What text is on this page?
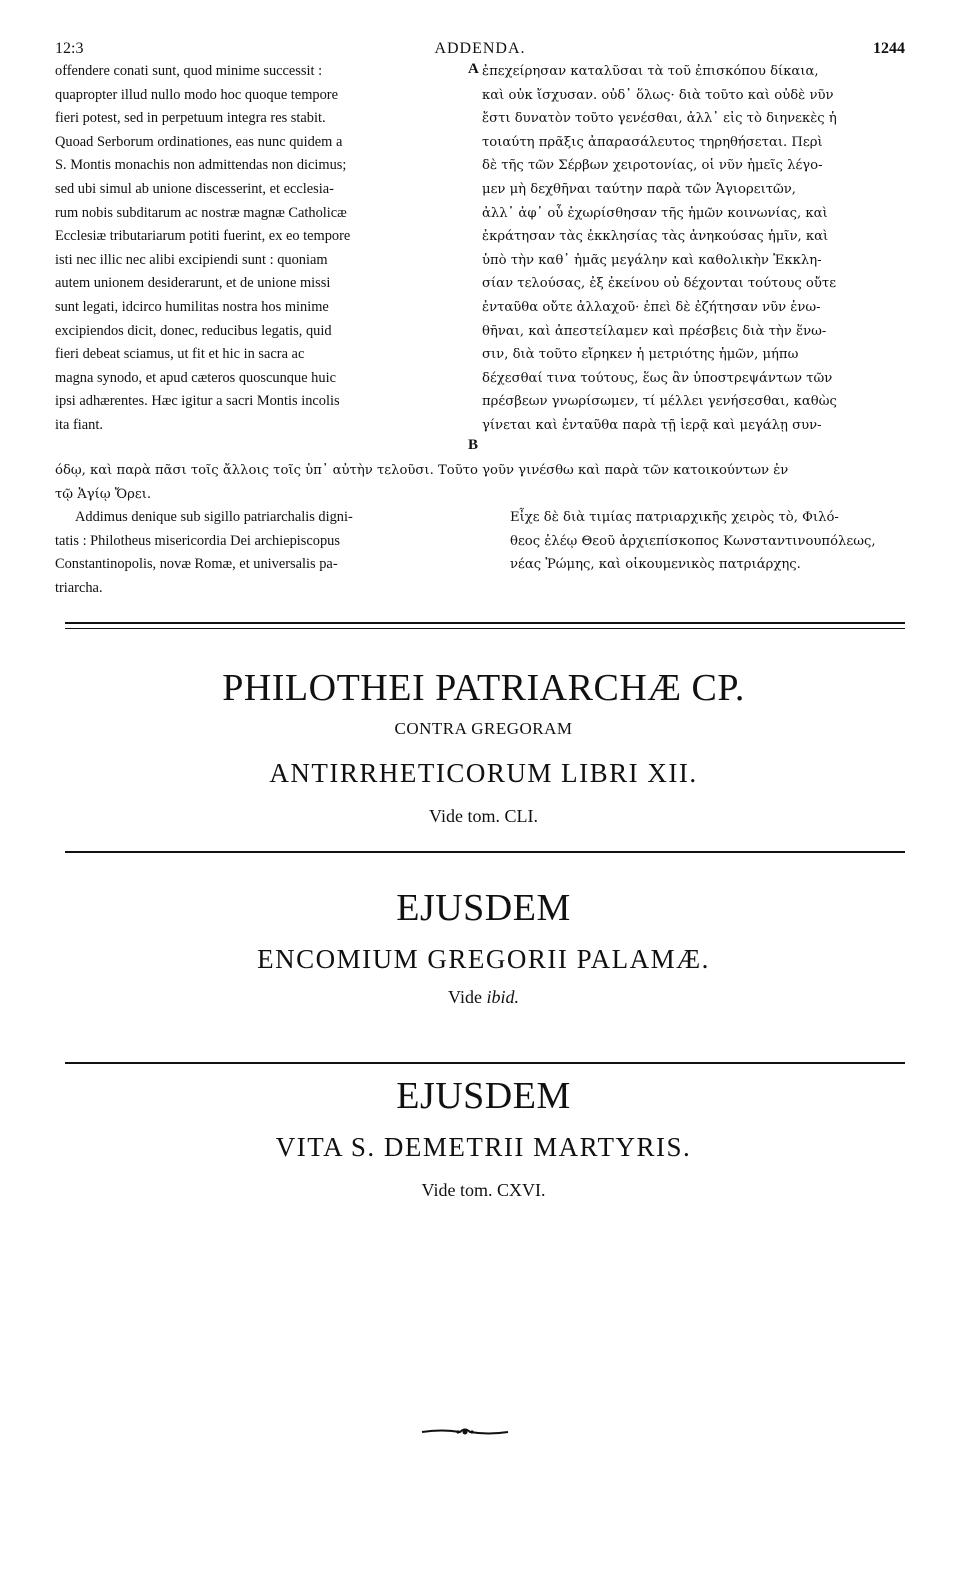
12:3	ADDENDA.	1244
offendere conati sunt, quod minime successit :
quapropter illud nullo modo hoc quoque tempore
fieri potest, sed in perpetuum integra res stabit.
Quoad Serborum ordinationes, eas nunc quidem a
S. Montis monachis non admittendas non dicimus;
sed ubi simul ab unione discesserint, et ecclesia-
rum nobis subditarum ac nostræ magnæ Catholicæ
Ecclesiæ tributariarum potiti fuerint, ex eo tempore
isti nec illic nec alibi excipiendi sunt : quoniam
autem unionem desiderarunt, et de unione missi
sunt legati, idcirco humilitas nostra hos minime
excipiendos dicit, donec, reducibus legatis, quid
fieri debeat sciamus, ut fit et hic in sacra ac
magna synodo, et apud cæteros quoscunque huic
ipsi adhærentes. Hæc igitur a sacri Montis incolis
ita fiant.
A
B
ἐπεχείρησαν καταλῦσαι τὰ τοῦ ἐπισκόπου δίκαια,
καὶ οὐκ ἴσχυσαν. οὐδ᾽ ὅλως· διὰ τοῦτο καὶ οὐδὲ νῦν
ἔστι δυνατὸν τοῦτο γενέσθαι, ἀλλ᾽ εἰς τὸ διηνεκὲς ἡ
τοιαύτη πρᾶξις ἀπαρασάλευτος τηρηθήσεται. Περὶ
δὲ τῆς τῶν Σέρβων χειροτονίας, οἱ νῦν ἡμεῖς λέγο-
μεν μὴ δεχθῆναι ταύτην παρὰ τῶν Ἁγιορειτῶν,
ἀλλ᾽ ἀφ᾽ οὗ ἐχωρίσθησαν τῆς ἡμῶν κοινωνίας, καὶ
ἐκράτησαν τὰς ἐκκλησίας τὰς ἀνηκούσας ἡμῖν, καὶ
ὑπὸ τὴν καθ᾽ ἡμᾶς μεγάλην καὶ καθολικὴν Ἐκκλη-
σίαν τελούσας, ἐξ ἐκείνου οὐ δέχονται τούτους οὔτε
ἐνταῦθα οὔτε ἀλλαχοῦ· ἐπεὶ δὲ ἐζήτησαν νῦν ἑνω-
θῆναι, καὶ ἀπεστείλαμεν καὶ πρέσβεις διὰ τὴν ἕνω-
σιν, διὰ τοῦτο εἴρηκεν ἡ μετριότης ἡμῶν, μήπω
δέχεσθαί τινα τούτους, ἕως ἂν ὑποστρεψάντων τῶν
πρέσβεων γνωρίσωμεν, τί μέλλει γενήσεσθαι, καθὼς
γίνεται καὶ ἐνταῦθα παρὰ τῇ ἱερᾷ καὶ μεγάλῃ συν-
όδῳ, καὶ παρὰ πᾶσι τοῖς ἄλλοις τοῖς ὑπ᾽ αὐτὴν τελοῦσι. Τοῦτο γοῦν γινέσθω καὶ παρὰ τῶν κατοικούντων ἐν
τῷ Ἁγίῳ Ὄρει.
Addimus denique sub sigillo patriarchalis digni-
tatis : Philotheus misericordia Dei archiepiscopus
Constantinopolis, novæ Romæ, et universalis pa-
triarcha.
Εἶχε δὲ διὰ τιμίας πατριαρχικῆς χειρὸς τὸ, Φιλό-
θεος ἐλέῳ Θεοῦ ἀρχιεπίσκοπος Κωνσταντινουπόλεως,
νέας Ῥώμης, καὶ οἰκουμενικὸς πατριάρχης.
PHILOTHEI PATRIARCHÆ CP.
CONTRA GREGORAM
ANTIRRHETICORUM LIBRI XII.
Vide tom. CLI.
EJUSDEM
ENCOMIUM GREGORII PALAMÆ.
Vide ibid.
EJUSDEM
VITA S. DEMETRII MARTYRIS.
Vide tom. CXVI.
